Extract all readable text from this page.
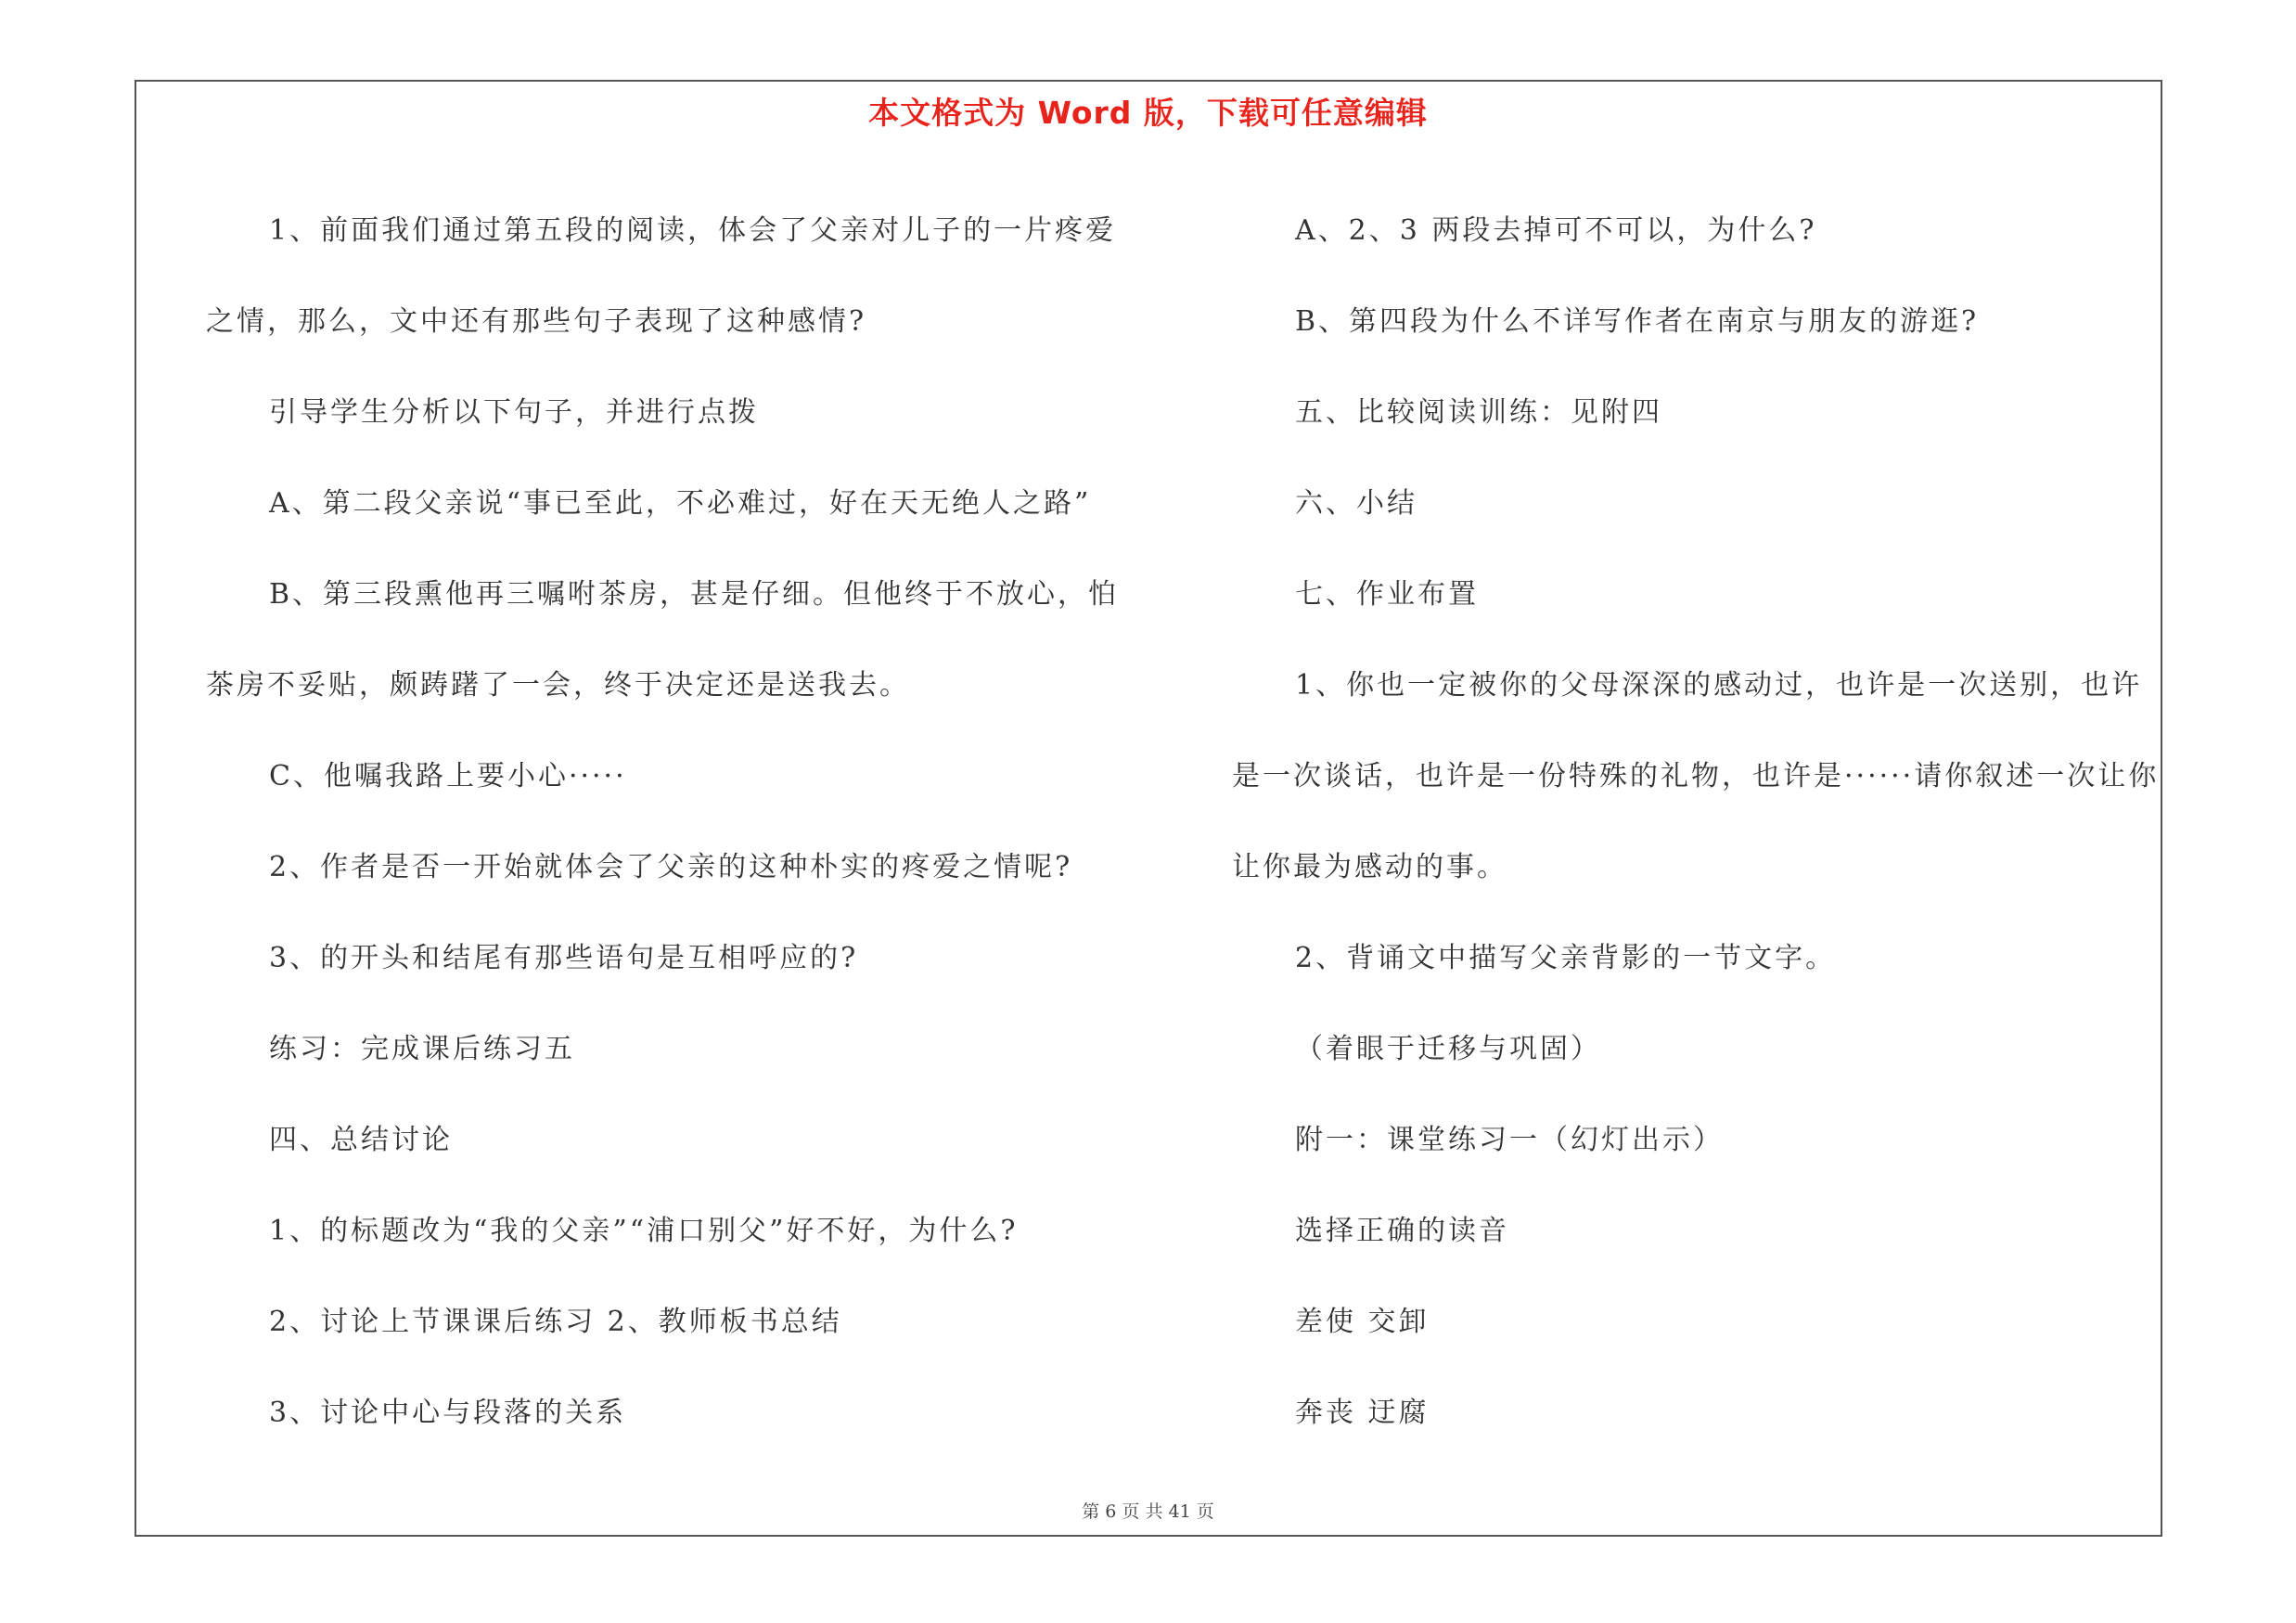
本文格式为 Word 版，下载可任意编辑

1、前面我们通过第五段的阅读，体会了父亲对儿子的一片疼爱之情，那么，文中还有那些句子表现了这种感情?

引导学生分析以下句子，并进行点拨

A、第二段父亲说“事已至此，不必难过，好在天无绝人之路”

B、第三段熏他再三嘱咐茶房，甚是仔细。但他终于不放心，怕茶房不妥贴，颇踌躇了一会，终于决定还是送我去。

C、他嘱我路上要小心·····

2、作者是否一开始就体会了父亲的这种朴实的疼爱之情呢?

3、的开头和结尾有那些语句是互相呼应的?

练习：完成课后练习五

四、总结讨论

1、的标题改为“我的父亲”“浦口别父”好不好，为什么?

2、讨论上节课课后练习 2、教师板书总结

3、讨论中心与段落的关系

A、2、3 两段去掉可不可以，为什么?

B、第四段为什么不详写作者在南京与朋友的游逛?

五、比较阅读训练：见附四

六、小结

七、作业布置

1、你也一定被你的父母深深的感动过，也许是一次送别，也许是一次谈话，也许是一份特殊的礼物，也许是······请你叙述一次让你让你最为感动的事。

2、背诵文中描写父亲背影的一节文字。

（着眼于迁移与巩固）

附一：课堂练习一（幻灯出示）

选择正确的读音

差使 交卸

奔丧 迂腐

第 6 页 共 41 页
